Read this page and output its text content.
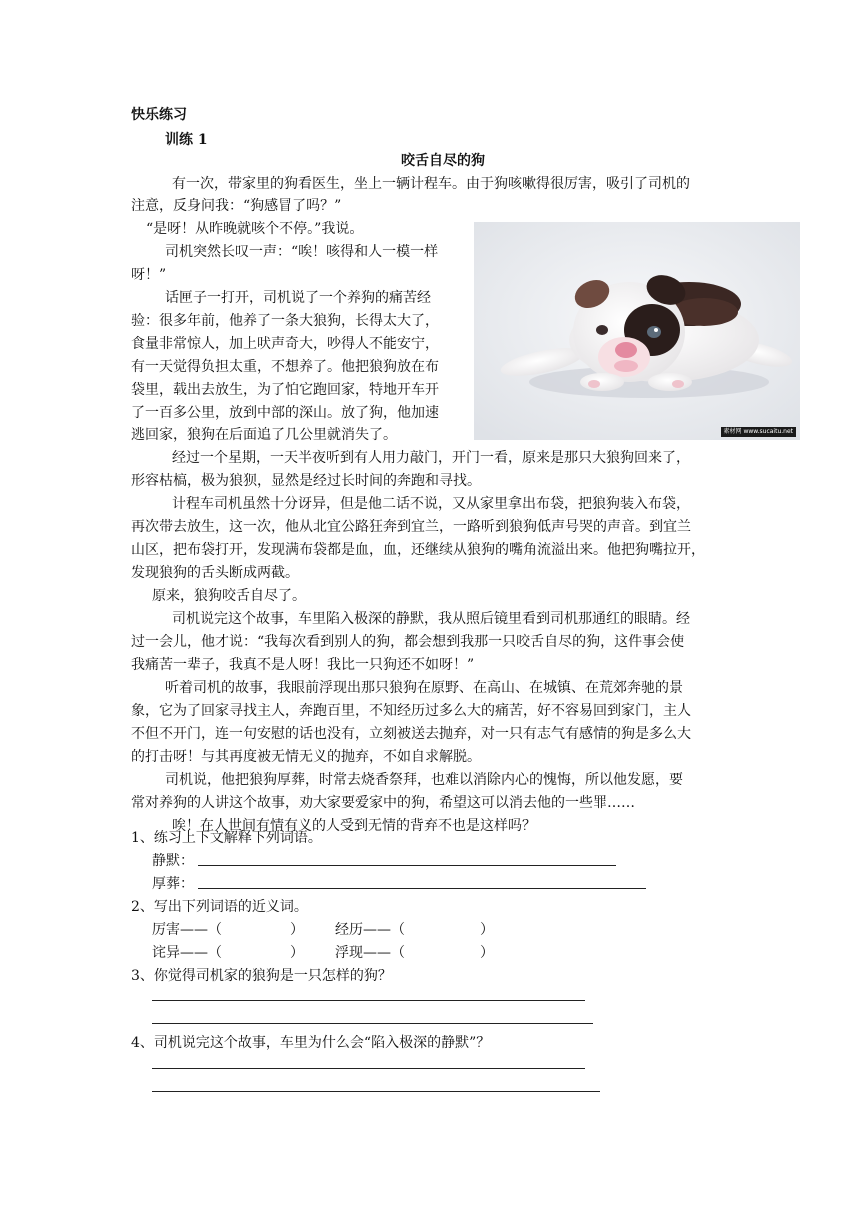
快乐练习
训练 1
咬舌自尽的狗
有一次，带家里的狗看医生，坐上一辆计程车。由于狗咳嗽得很厉害，吸引了司机的
注意，反身问我：“狗感冒了吗？”
“是呀！从昨晚就咳个不停。”我说。
司机突然长叹一声：“唉！咳得和人一模一样
呀！”
话匣子一打开，司机说了一个养狗的痛苦经
验：很多年前，他养了一条大狼狗，长得太大了，
食量非常惊人，加上吠声奇大，吵得人不能安宁，
有一天觉得负担太重，不想养了。他把狼狗放在布
袋里，载出去放生，为了怕它跑回家，特地开车开
了一百多公里，放到中部的深山。放了狗，他加速
逃回家，狼狗在后面追了几公里就消失了。
经过一个星期，一天半夜听到有人用力敲门，开门一看，原来是那只大狼狗回来了，
形容枯槁，极为狼狈，显然是经过长时间的奔跑和寻找。
计程车司机虽然十分讶异，但是他二话不说，又从家里拿出布袋，把狼狗装入布袋，
再次带去放生，这一次，他从北宜公路狂奔到宜兰，一路听到狼狗低声号哭的声音。到宜兰
山区，把布袋打开，发现满布袋都是血，血，还继续从狼狗的嘴角流溢出来。他把狗嘴拉开，
发现狼狗的舌头断成两截。
原来，狼狗咬舌自尽了。
司机说完这个故事，车里陷入极深的静默，我从照后镜里看到司机那通红的眼睛。经
过一会儿，他才说：“我每次看到别人的狗，都会想到我那一只咬舌自尽的狗，这件事会使
我痛苦一辈子，我真不是人呀！我比一只狗还不如呀！”
听着司机的故事，我眼前浮现出那只狼狗在原野、在高山、在城镇、在荒郊奔驰的景
象，它为了回家寻找主人，奔跑百里，不知经历过多么大的痛苦，好不容易回到家门，主人
不但不开门，连一句安慰的话也没有，立刻被送去抛弃，对一只有志气有感情的狗是多么大
的打击呀！与其再度被无情无义的抛弃，不如自求解脱。
司机说，他把狼狗厚葬，时常去烧香祭拜，也难以消除内心的愧悔，所以他发愿，要
常对养狗的人讲这个故事，劝大家要爱家中的狗，希望这可以消去他的一些罪……
唉！在人世间有情有义的人受到无情的背弃不也是这样吗？
素材网 www.sucaitu.net
1、练习上下文解释下列词语。
静默：
厚葬：
2、写出下列词语的近义词。
厉害——（	） 经历——（	）
诧异——（	） 浮现——（	）
3、你觉得司机家的狼狗是一只怎样的狗？
4、司机说完这个故事，车里为什么会“陷入极深的静默”？
